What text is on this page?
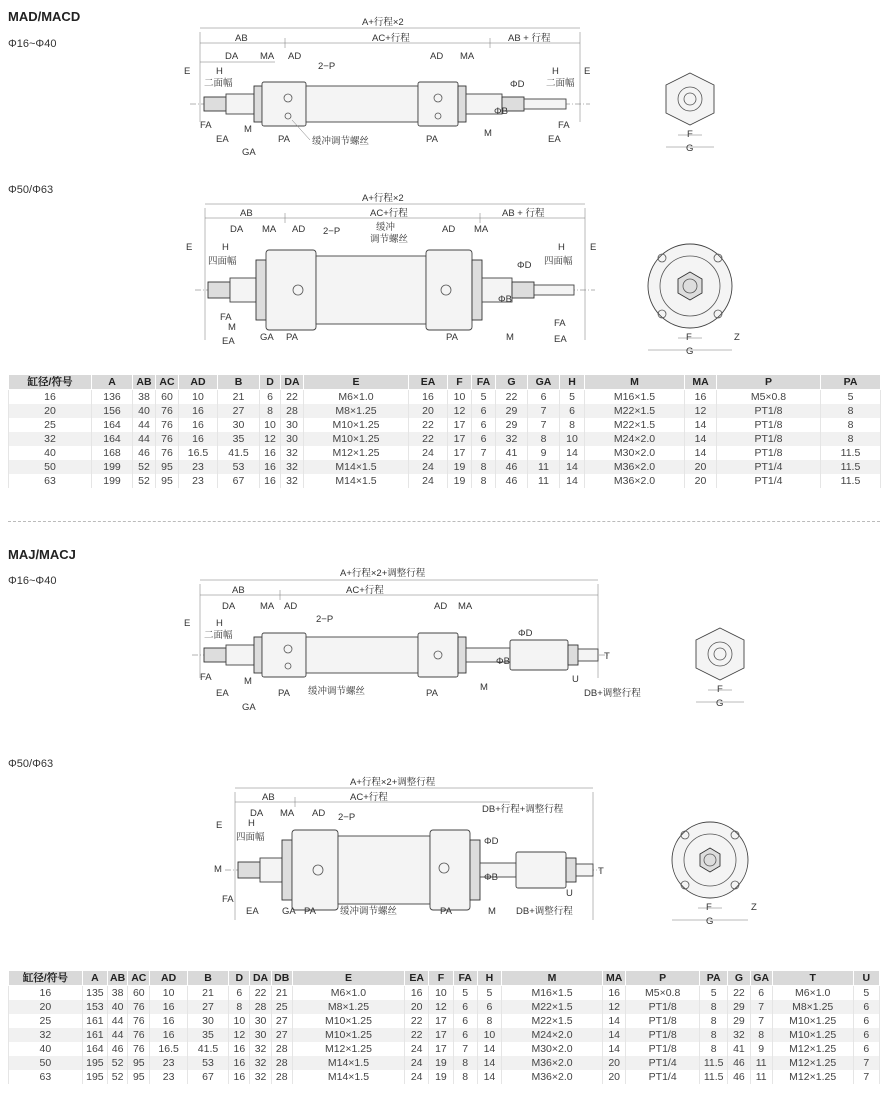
MAD/MACD
Φ16~Φ40
A+行程×2
AB	AC+行程	AB + 行程
DA MA AD	AD MA
2−P
E	H
二面幅
FA
EA
M
GA
PA 缓冲调节螺丝	PA
M
ΦD
ΦB
H	E
二面幅
FA
EA	F
G
Φ50/Φ63
A+行程×2
AB	AC+行程	AB + 行程
DA MA AD 2−P	缓冲
调节螺丝
AD MA
E	H
四面幅
FA
EA
M
GA PA	PA	M
ΦD
ΦB
H	E
四面幅
FA
EA	F
G
Z
缸径/符号	A	AB	AC	AD	B	D	DA	E	EA	F	FA	G	GA	H	M	MA	P	PA
16	136	38	60	10	21	6	22	M6×1.0	16	10	5	22	6	5	M16×1.5	16	M5×0.8	5
20	156	40	76	16	27	8	28	M8×1.25	20	12	6	29	7	6	M22×1.5	12	PT1/8	8
25	164	44	76	16	30	10	30	M10×1.25	22	17	6	29	7	8	M22×1.5	14	PT1/8	8
32	164	44	76	16	35	12	30	M10×1.25	22	17	6	32	8	10	M24×2.0	14	PT1/8	8
40	168	46	76	16.5	41.5	16	32	M12×1.25	24	17	7	41	9	14	M30×2.0	14	PT1/8	11.5
50	199	52	95	23	53	16	32	M14×1.5	24	19	8	46	11	14	M36×2.0	20	PT1/4	11.5
63	199	52	95	23	67	16	32	M14×1.5	24	19	8	46	11	14	M36×2.0	20	PT1/4	11.5
MAJ/MACJ
Φ16~Φ40
A+行程×2+调整行程
AB	AC+行程
DA	MA AD	AD MA
2−P
E	H
二面幅
FA
EA
M
GA
PA 缓冲调节螺丝	PA
M
ΦD
ΦB	T
U
DB+调整行程	F
G
Φ50/Φ63
A+行程×2+调整行程
AB	AC+行程
DA MA AD 2−P
DB+行程+调整行程
E	H
四面幅
M
FA
EA GA PA	缓冲调节螺丝	PA	M
ΦD
ΦB
T
U
DB+调整行程	F
G
Z
缸径/符号	A	AB	AC	AD	B	D	DA	DB	E	EA	F	FA	H	M	MA	P	PA	G	GA	T	U
16	135	38	60	10	21	6	22	21	M6×1.0	16	10	5	5	M16×1.5	16	M5×0.8	5	22	6	M6×1.0	5
20	153	40	76	16	27	8	28	25	M8×1.25	20	12	6	6	M22×1.5	12	PT1/8	8	29	7	M8×1.25	6
25	161	44	76	16	30	10	30	27	M10×1.25	22	17	6	8	M22×1.5	14	PT1/8	8	29	7	M10×1.25	6
32	161	44	76	16	35	12	30	27	M10×1.25	22	17	6	10	M24×2.0	14	PT1/8	8	32	8	M10×1.25	6
40	164	46	76	16.5	41.5	16	32	28	M12×1.25	24	17	7	14	M30×2.0	14	PT1/8	8	41	9	M12×1.25	6
50	195	52	95	23	53	16	32	28	M14×1.5	24	19	8	14	M36×2.0	20	PT1/4	11.5	46	11	M12×1.25	7
63	195	52	95	23	67	16	32	28	M14×1.5	24	19	8	14	M36×2.0	20	PT1/4	11.5	46	11	M12×1.25	7
